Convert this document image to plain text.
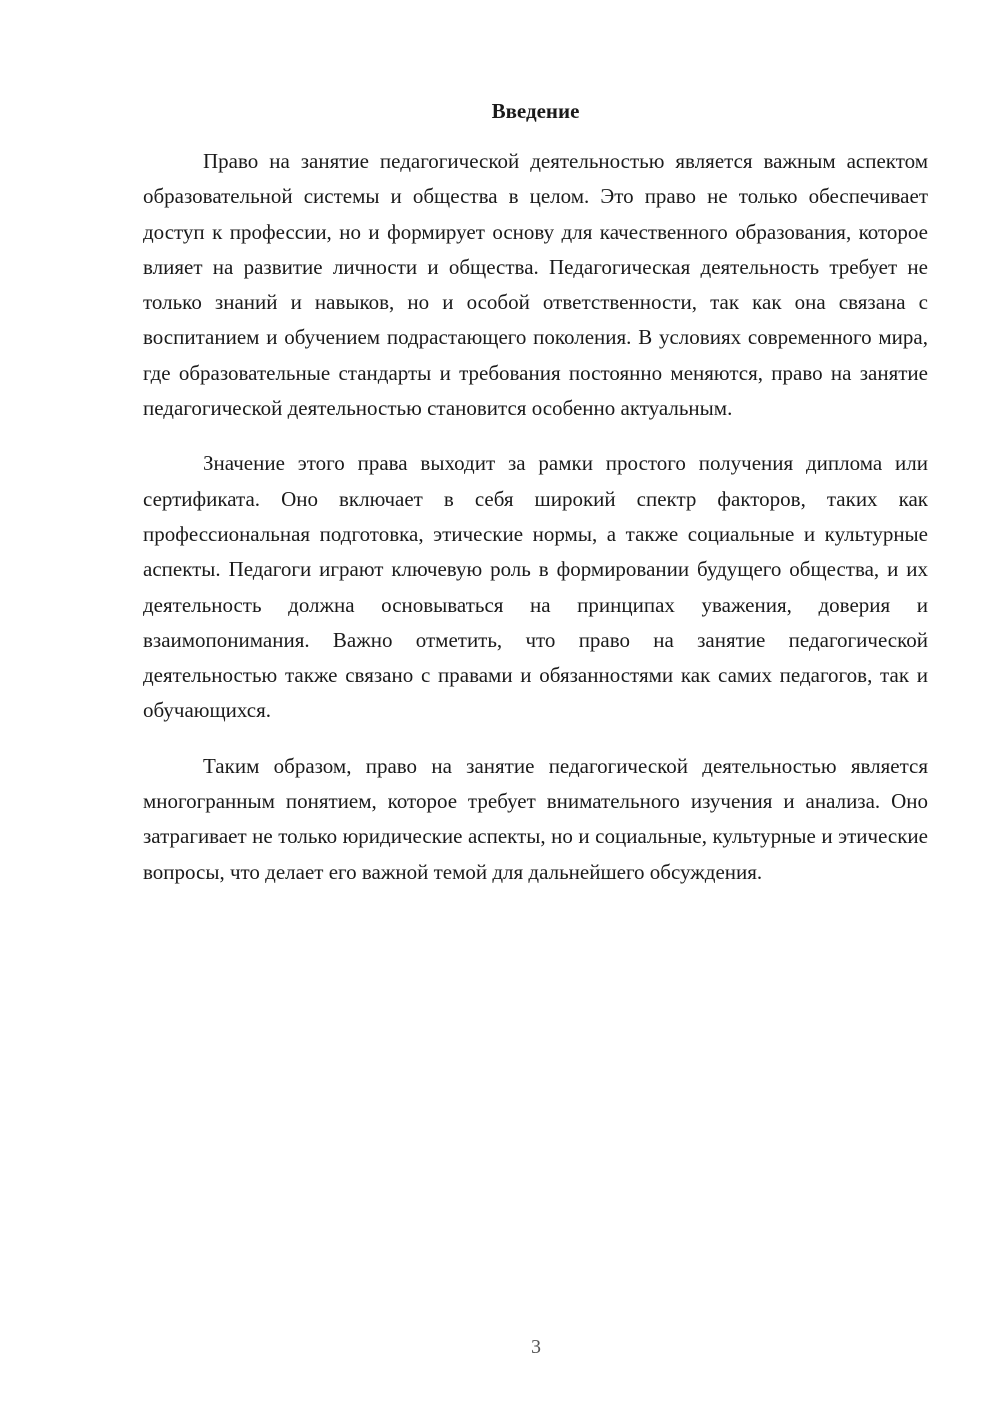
Введение

Право на занятие педагогической деятельностью является важным аспектом образовательной системы и общества в целом. Это право не только обеспечивает доступ к профессии, но и формирует основу для качественного образования, которое влияет на развитие личности и общества. Педагогическая деятельность требует не только знаний и навыков, но и особой ответственности, так как она связана с воспитанием и обучением подрастающего поколения. В условиях современного мира, где образовательные стандарты и требования постоянно меняются, право на занятие педагогической деятельностью становится особенно актуальным.

Значение этого права выходит за рамки простого получения диплома или сертификата. Оно включает в себя широкий спектр факторов, таких как профессиональная подготовка, этические нормы, а также социальные и культурные аспекты. Педагоги играют ключевую роль в формировании будущего общества, и их деятельность должна основываться на принципах уважения, доверия и взаимопонимания. Важно отметить, что право на занятие педагогической деятельностью также связано с правами и обязанностями как самих педагогов, так и обучающихся.

Таким образом, право на занятие педагогической деятельностью является многогранным понятием, которое требует внимательного изучения и анализа. Оно затрагивает не только юридические аспекты, но и социальные, культурные и этические вопросы, что делает его важной темой для дальнейшего обсуждения.

3
